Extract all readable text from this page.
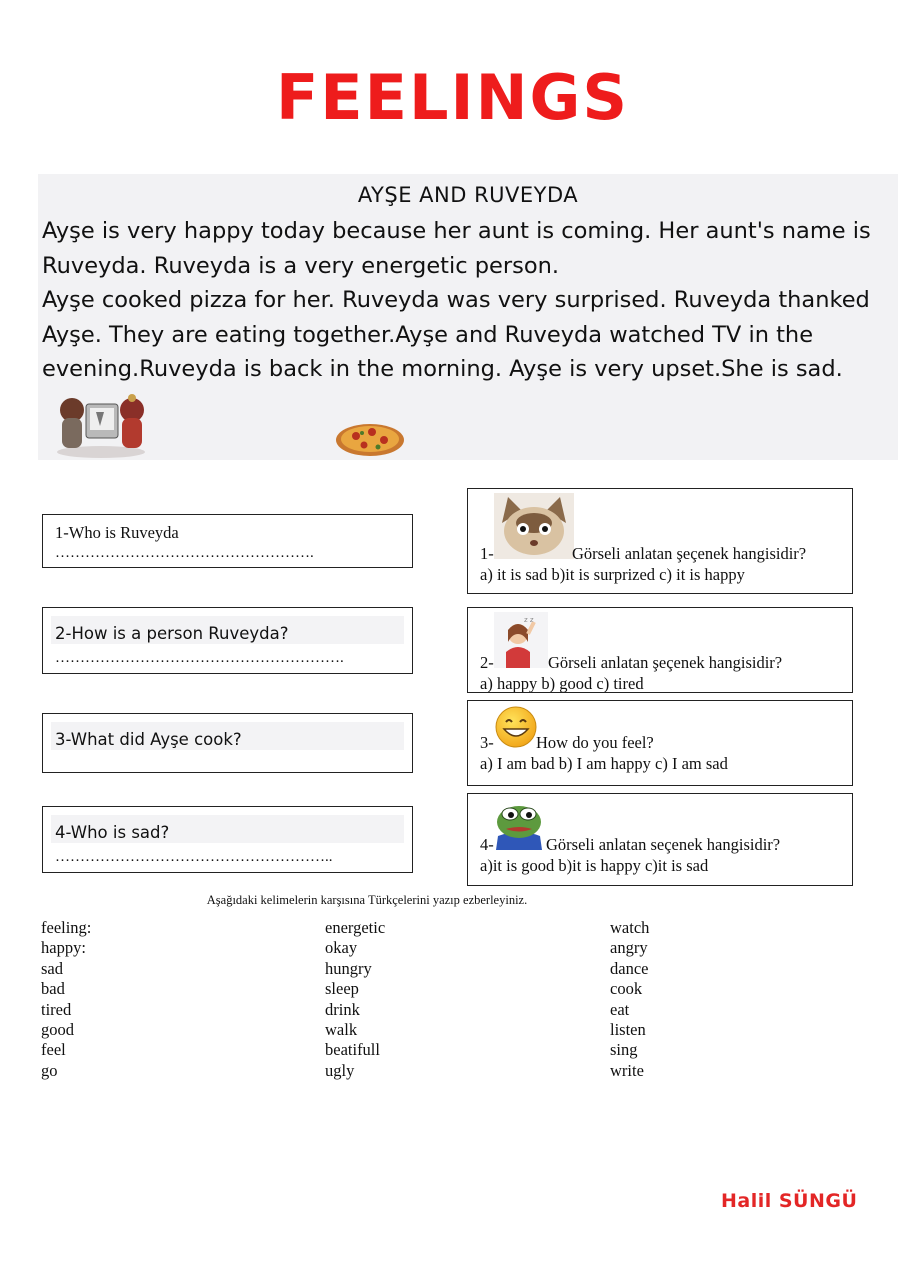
FEELINGS
AYŞE AND RUVEYDA

Ayşe is very happy today because her aunt is coming. Her aunt's name is Ruveyda. Ruveyda is a very energetic person.

Ayşe cooked pizza for her. Ruveyda was very surprised. Ruveyda thanked Ayşe. They are eating together.Ayşe and Ruveyda watched TV in the evening.Ruveyda is back in the morning. Ayşe is very upset.She is sad.

1-Who is Ruveyda
…………………………………………….
2-How is a person Ruveyda?
………………………………………………….
3-What did Ayşe cook?
4-Who is sad?
………………………………………………..
1-	Görseli anlatan şeçenek hangisidir?
a) it is sad b)it is surprized c) it is happy
z z
2-	Görseli anlatan şeçenek hangisidir?
a) happy b) good c) tired
3-	How do you feel?
a) I am bad b) I am happy c) I am sad
4-	Görseli anlatan seçenek hangisidir?
a)it is good b)it is happy c)it is sad
Aşağıdaki kelimelerin karşısına Türkçelerini yazıp ezberleyiniz.
feeling:
happy:
sad
bad
tired
good
feel
go
energetic
okay
hungry
sleep
drink
walk
beatifull
ugly
watch
angry
dance
cook
eat
listen
sing
write
Halil SÜNGÜ
